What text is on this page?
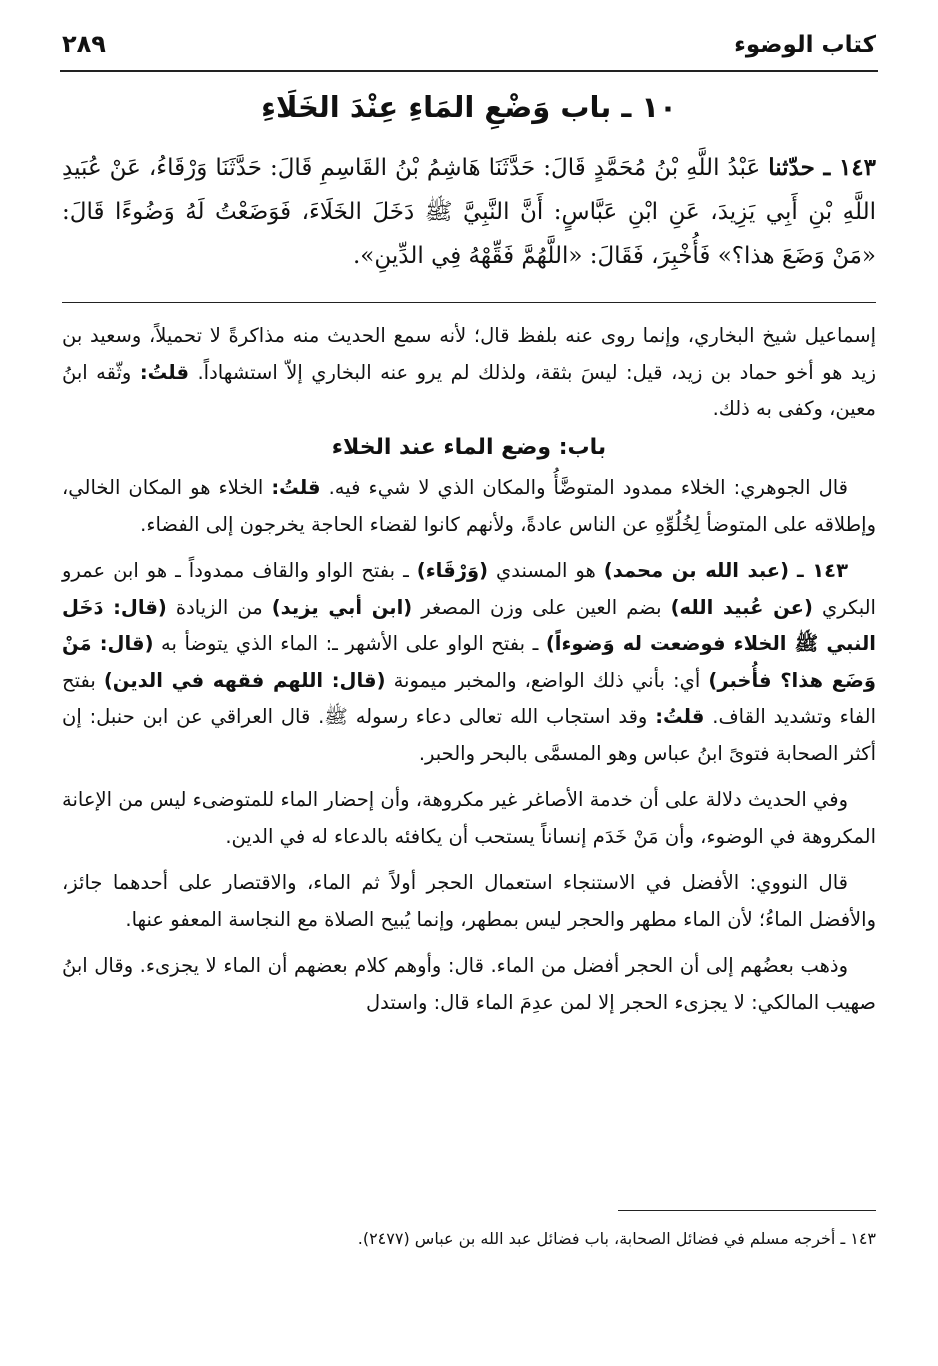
كتاب الوضوء
٢٨٩
١٠ ـ باب وَضْعِ المَاءِ عِنْدَ الخَلَاءِ
١٤٣ ـ حدّثنا عَبْدُ اللَّهِ بْنُ مُحَمَّدٍ قَالَ: حَدَّثَنَا هَاشِمُ بْنُ القَاسِمِ قَالَ: حَدَّثَنَا وَرْقَاءُ، عَنْ عُبَيدِ اللَّهِ بْنِ أَبِي يَزِيدَ، عَنِ ابْنِ عَبَّاسٍ: أَنَّ النَّبِيَّ ﷺ دَخَلَ الخَلَاءَ، فَوَضَعْتُ لَهُ وَضُوءًا قَالَ: «مَنْ وَضَعَ هذا؟» فَأُخْبِرَ، فَقَالَ: «اللَّهُمَّ فَقِّهْهُ فِي الدِّينِ».

إسماعيل شيخ البخاري، وإنما روى عنه بلفظ قال؛ لأنه سمع الحديث منه مذاكرةً لا تحميلاً، وسعيد بن زيد هو أخو حماد بن زيد، قيل: ليسَ بثقة، ولذلك لم يرو عنه البخاري إلاّ استشهاداً. قلتُ: وثّقه ابنُ معين، وكفى به ذلك.

باب: وضع الماء عند الخلاء

قال الجوهري: الخلاء ممدود المتوضَّأُ والمكان الذي لا شيء فيه. قلتُ: الخلاء هو المكان الخالي، وإطلاقه على المتوضأ لِخُلُوِّهِ عن الناس عادةً، ولأنهم كانوا لقضاء الحاجة يخرجون إلى الفضاء.

١٤٣ ـ (عبد الله بن محمد) هو المسندي (وَرْقَاء) ـ بفتح الواو والقاف ممدوداً ـ هو ابن عمرو البكري (عن عُبيد الله) بضم العين على وزن المصغر (ابن أبي يزيد) من الزيادة (قال: دَخَل النبي ﷺ الخلاء فوضعت له وَضوءاً) ـ بفتح الواو على الأشهر ـ: الماء الذي يتوضأ به (قال: مَنْ وَضَع هذا؟ فأُخبر) أي: بأني ذلك الواضع، والمخبر ميمونة (قال: اللهم فقهه في الدين) بفتح الفاء وتشديد القاف. قلتُ: وقد استجاب الله تعالى دعاء رسوله ﷺ. قال العراقي عن ابن حنبل: إن أكثر الصحابة فتوىً ابنُ عباس وهو المسمَّى بالبحر والحبر.

وفي الحديث دلالة على أن خدمة الأصاغر غير مكروهة، وأن إحضار الماء للمتوضىء ليس من الإعانة المكروهة في الوضوء، وأن مَنْ خَدَم إنساناً يستحب أن يكافئه بالدعاء له في الدين.

قال النووي: الأفضل في الاستنجاء استعمال الحجر أولاً ثم الماء، والاقتصار على أحدهما جائز، والأفضل الماءُ؛ لأن الماء مطهر والحجر ليس بمطهر، وإنما يُبيح الصلاة مع النجاسة المعفو عنها.

وذهب بعضُهم إلى أن الحجر أفضل من الماء. قال: وأوهم كلام بعضهم أن الماء لا يجزىء. وقال ابنُ صهيب المالكي: لا يجزىء الحجر إلا لمن عدِمَ الماء قال: واستدل

١٤٣ ـ أخرجه مسلم في فضائل الصحابة، باب فضائل عبد الله بن عباس (٢٤٧٧).
